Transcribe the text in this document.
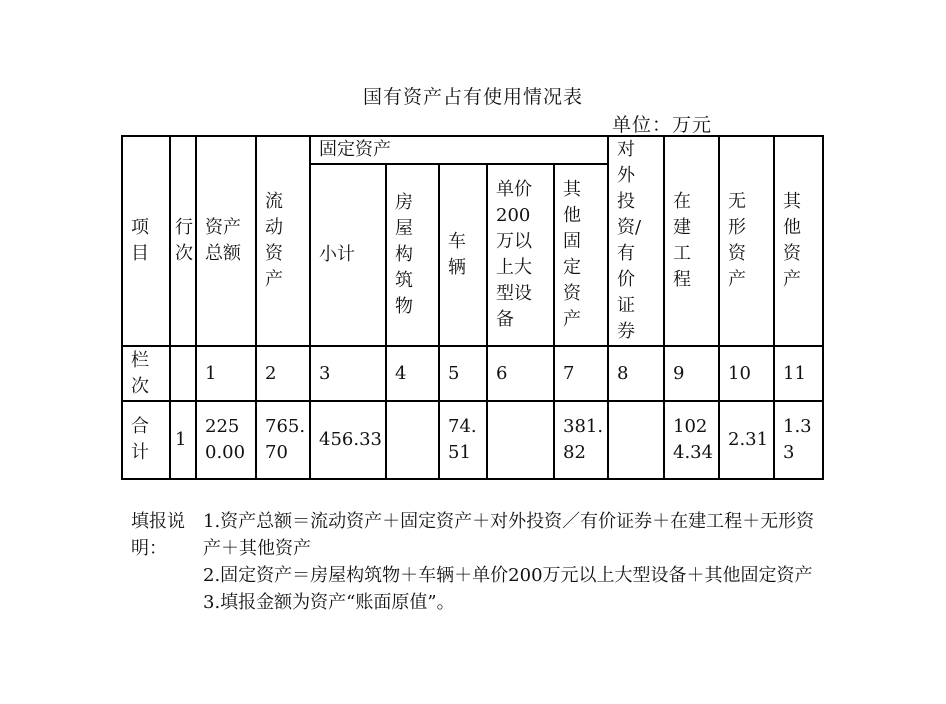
国有资产占有使用情况表
单位：万元
项目	行次	资产总额	流动资产	固定资产					对外投资/有价证券	在建工程	无形资产	其他资产

				小计	房屋构筑物	车辆	单价200万以上大型设备	其他固定资产				

栏次		1	2	3	4	5	6	7	8	9	10	11

合计	1	2250.00	765.70	456.33		74.51		381.82		1024.34	2.31	1.33
填报说明：
1.资产总额＝流动资产＋固定资产＋对外投资／有价证券＋在建工程＋无形资产＋其他资产
2.固定资产＝房屋构筑物＋车辆＋单价200万元以上大型设备＋其他固定资产
3.填报金额为资产“账面原值”。
